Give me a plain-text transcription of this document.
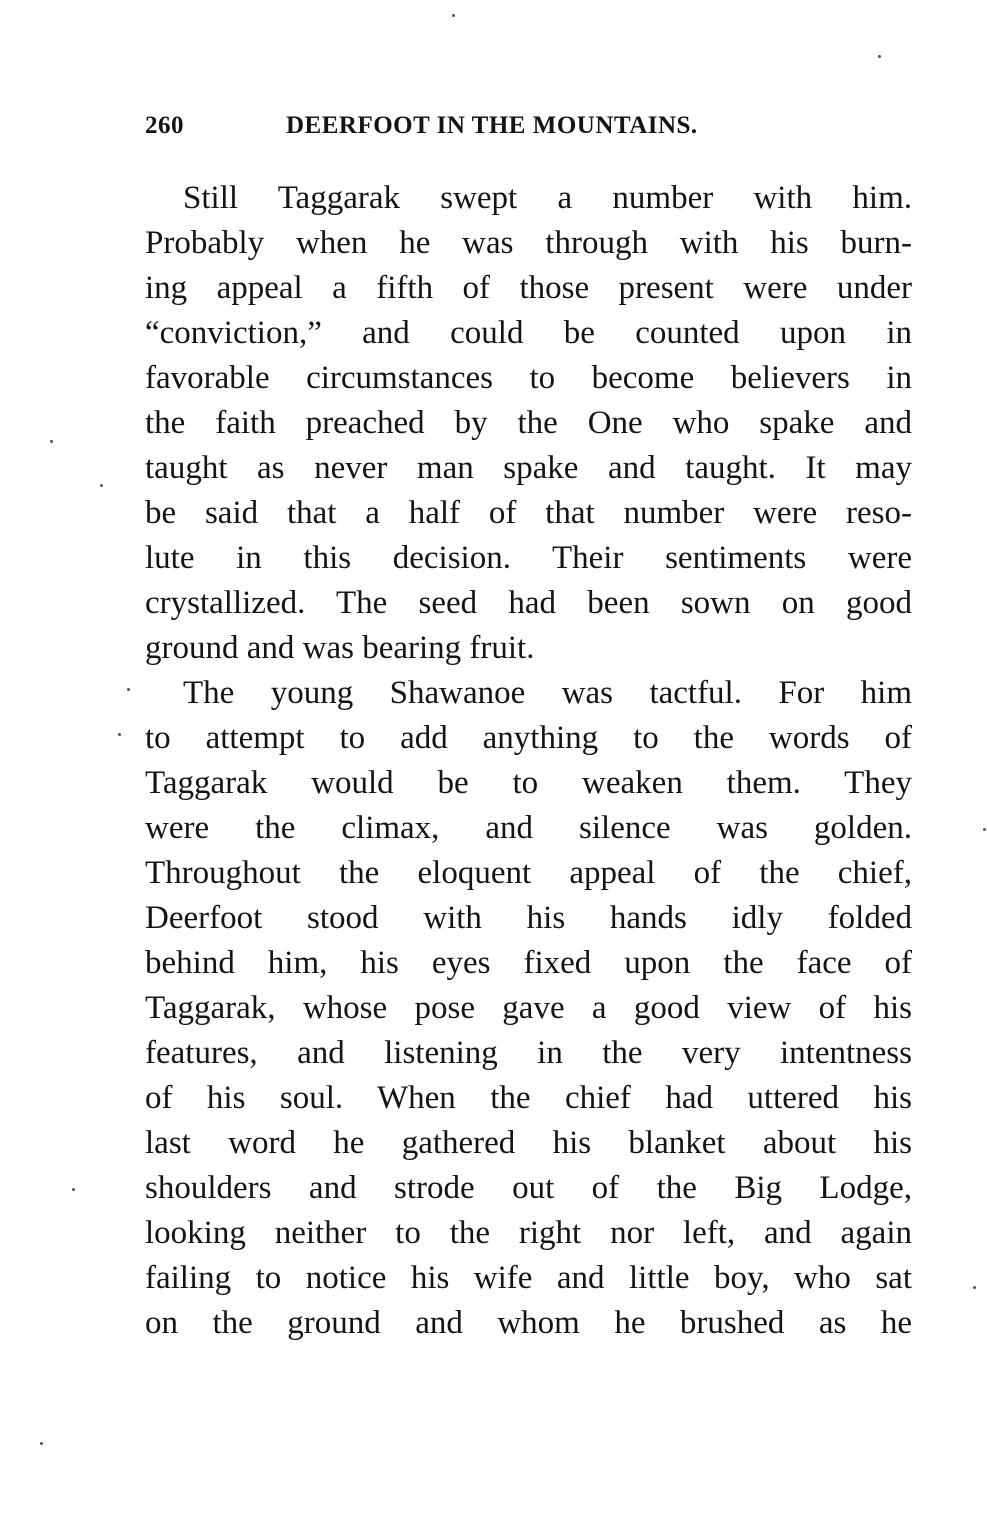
260	DEERFOOT IN THE MOUNTAINS.
Still Taggarak swept a number with him.
Probably when he was through with his burn-
ing appeal a fifth of those present were under
“conviction,” and could be counted upon in
favorable circumstances to become believers in
the faith preached by the One who spake and
taught as never man spake and taught. It may
be said that a half of that number were reso-
lute in this decision. Their sentiments were
crystallized. The seed had been sown on good
ground and was bearing fruit.
The young Shawanoe was tactful. For him
to attempt to add anything to the words of
Taggarak would be to weaken them. They
were the climax, and silence was golden.
Throughout the eloquent appeal of the chief,
Deerfoot stood with his hands idly folded
behind him, his eyes fixed upon the face of
Taggarak, whose pose gave a good view of his
features, and listening in the very intentness
of his soul. When the chief had uttered his
last word he gathered his blanket about his
shoulders and strode out of the Big Lodge,
looking neither to the right nor left, and again
failing to notice his wife and little boy, who sat
on the ground and whom he brushed as he
